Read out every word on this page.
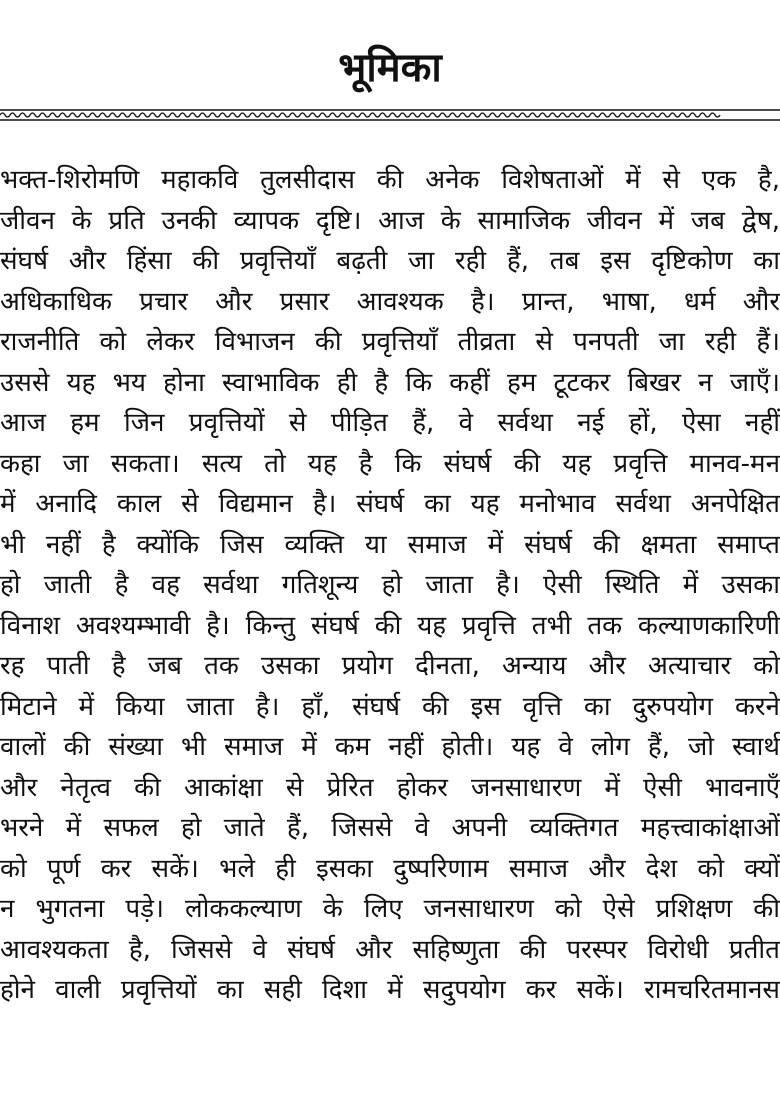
भूमिका
भक्त-शिरोमणि महाकवि तुलसीदास की अनेक विशेषताओं में से एक है,
जीवन के प्रति उनकी व्यापक दृष्टि। आज के सामाजिक जीवन में जब द्वेष,
संघर्ष और हिंसा की प्रवृत्तियाँ बढ़ती जा रही हैं, तब इस दृष्टिकोण का
अधिकाधिक प्रचार और प्रसार आवश्यक है। प्रान्त, भाषा, धर्म और
राजनीति को लेकर विभाजन की प्रवृत्तियाँ तीव्रता से पनपती जा रही हैं।
उससे यह भय होना स्वाभाविक ही है कि कहीं हम टूटकर बिखर न जाएँ।
आज हम जिन प्रवृत्तियों से पीड़ित हैं, वे सर्वथा नई हों, ऐसा नहीं
कहा जा सकता। सत्य तो यह है कि संघर्ष की यह प्रवृत्ति मानव-मन
में अनादि काल से विद्यमान है। संघर्ष का यह मनोभाव सर्वथा अनपेक्षित
भी नहीं है क्योंकि जिस व्यक्ति या समाज में संघर्ष की क्षमता समाप्त
हो जाती है वह सर्वथा गतिशून्य हो जाता है। ऐसी स्थिति में उसका
विनाश अवश्यम्भावी है। किन्तु संघर्ष की यह प्रवृत्ति तभी तक कल्याणकारिणी
रह पाती है जब तक उसका प्रयोग दीनता, अन्याय और अत्याचार को
मिटाने में किया जाता है। हाँ, संघर्ष की इस वृत्ति का दुरुपयोग करने
वालों की संख्या भी समाज में कम नहीं होती। यह वे लोग हैं, जो स्वार्थ
और नेतृत्व की आकांक्षा से प्रेरित होकर जनसाधारण में ऐसी भावनाएँ
भरने में सफल हो जाते हैं, जिससे वे अपनी व्यक्तिगत महत्त्वाकांक्षाओं
को पूर्ण कर सकें। भले ही इसका दुष्परिणाम समाज और देश को क्यों
न भुगतना पड़े। लोककल्याण के लिए जनसाधारण को ऐसे प्रशिक्षण की
आवश्यकता है, जिससे वे संघर्ष और सहिष्णुता की परस्पर विरोधी प्रतीत
होने वाली प्रवृत्तियों का सही दिशा में सदुपयोग कर सकें। रामचरितमानस
